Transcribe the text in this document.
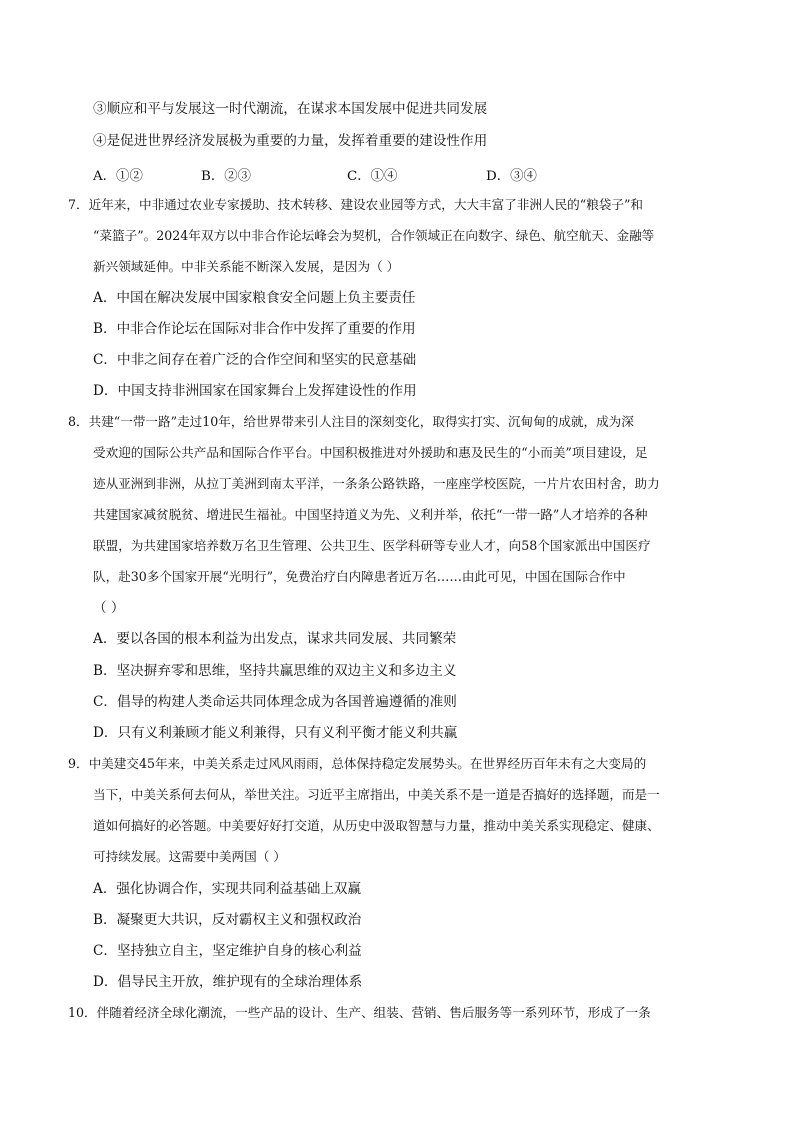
③顺应和平与发展这一时代潮流，在谋求本国发展中促进共同发展
④是促进世界经济发展极为重要的力量，发挥着重要的建设性作用
A．①②	B．②③	C．①④	D．③④
7．近年来，中非通过农业专家援助、技术转移、建设农业园等方式，大大丰富了非洲人民的“粮袋子”和
“菜篮子”。2024年双方以中非合作论坛峰会为契机，合作领域正在向数字、绿色、航空航天、金融等
新兴领域延伸。中非关系能不断深入发展，是因为（ ）
A．中国在解决发展中国家粮食安全问题上负主要责任
B．中非合作论坛在国际对非合作中发挥了重要的作用
C．中非之间存在着广泛的合作空间和坚实的民意基础
D．中国支持非洲国家在国家舞台上发挥建设性的作用
8．共建“一带一路”走过10年，给世界带来引人注目的深刻变化，取得实打实、沉甸甸的成就，成为深
受欢迎的国际公共产品和国际合作平台。中国积极推进对外援助和惠及民生的“小而美”项目建设，足
迹从亚洲到非洲，从拉丁美洲到南太平洋，一条条公路铁路，一座座学校医院，一片片农田村舍，助力
共建国家减贫脱贫、增进民生福祉。中国坚持道义为先、义利并举，依托“一带一路”人才培养的各种
联盟，为共建国家培养数万名卫生管理、公共卫生、医学科研等专业人才，向58个国家派出中国医疗
队，赴30多个国家开展“光明行”，免费治疗白内障患者近万名……由此可见，中国在国际合作中
（ ）
A．要以各国的根本利益为出发点，谋求共同发展、共同繁荣
B．坚决摒弃零和思维，坚持共赢思维的双边主义和多边主义
C．倡导的构建人类命运共同体理念成为各国普遍遵循的准则
D．只有义利兼顾才能义利兼得，只有义利平衡才能义利共赢
9．中美建交45年来，中美关系走过风风雨雨，总体保持稳定发展势头。在世界经历百年未有之大变局的
当下，中美关系何去何从，举世关注。习近平主席指出，中美关系不是一道是否搞好的选择题，而是一
道如何搞好的必答题。中美要好好打交道，从历史中汲取智慧与力量，推动中美关系实现稳定、健康、
可持续发展。这需要中美两国（ ）
A．强化协调合作，实现共同利益基础上双赢
B．凝聚更大共识，反对霸权主义和强权政治
C．坚持独立自主，坚定维护自身的核心利益
D．倡导民主开放，维护现有的全球治理体系
10．伴随着经济全球化潮流，一些产品的设计、生产、组装、营销、售后服务等一系列环节，形成了一条
